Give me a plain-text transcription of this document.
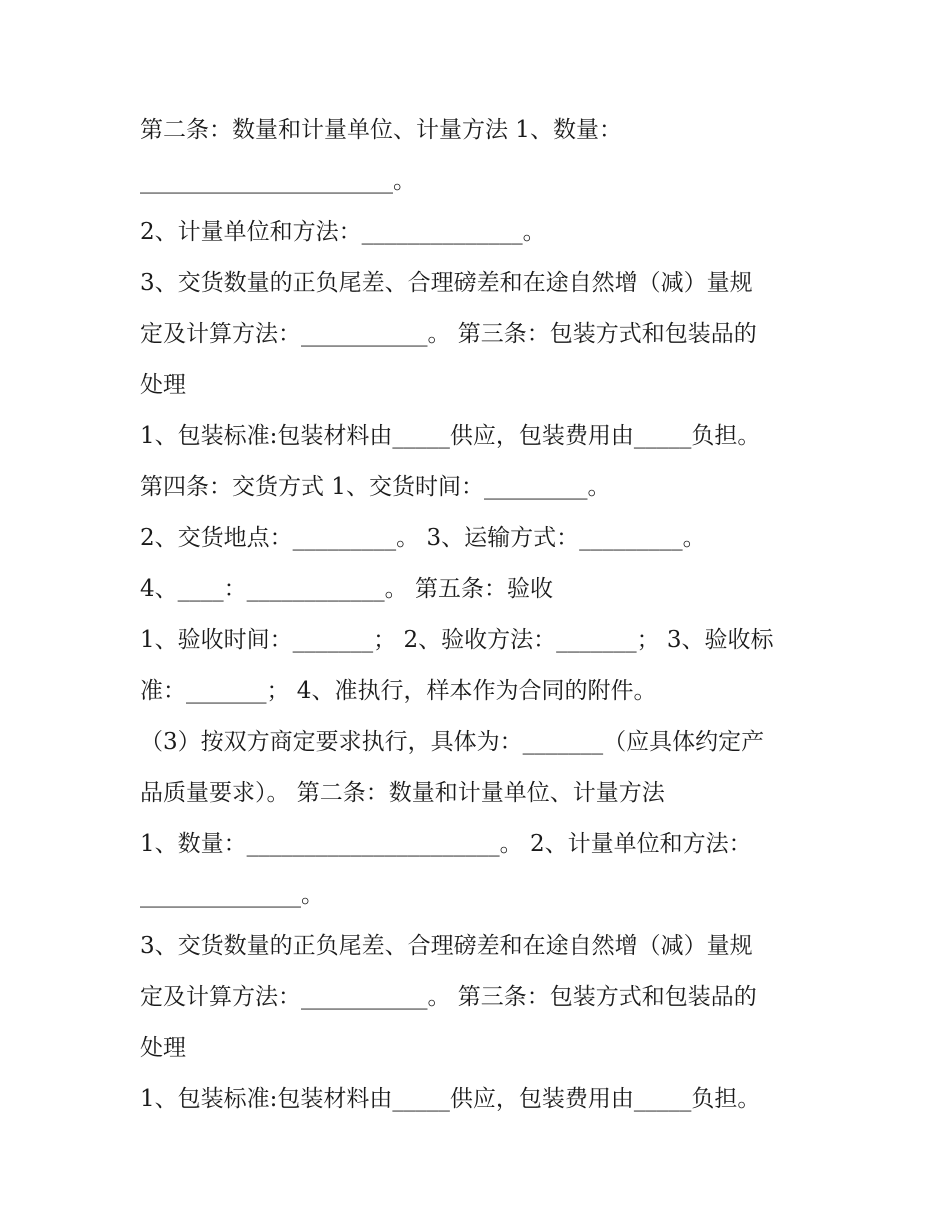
第二条：数量和计量单位、计量方法 1、数量：
______________________。
2、计量单位和方法：______________。
3、交货数量的正负尾差、合理磅差和在途自然增（减）量规
定及计算方法：___________。 第三条：包装方式和包装品的
处理
1、包装标准:包装材料由_____供应，包装费用由_____负担。
第四条：交货方式 1、交货时间：_________。
2、交货地点：_________。 3、运输方式：_________。
4、____：____________。 第五条：验收
1、验收时间：_______； 2、验收方法：_______； 3、验收标
准：_______； 4、准执行，样本作为合同的附件。
（3）按双方商定要求执行，具体为：_______（应具体约定产
品质量要求）。 第二条：数量和计量单位、计量方法
1、数量：______________________。 2、计量单位和方法：
______________。
3、交货数量的正负尾差、合理磅差和在途自然增（减）量规
定及计算方法：___________。 第三条：包装方式和包装品的
处理
1、包装标准:包装材料由_____供应，包装费用由_____负担。
